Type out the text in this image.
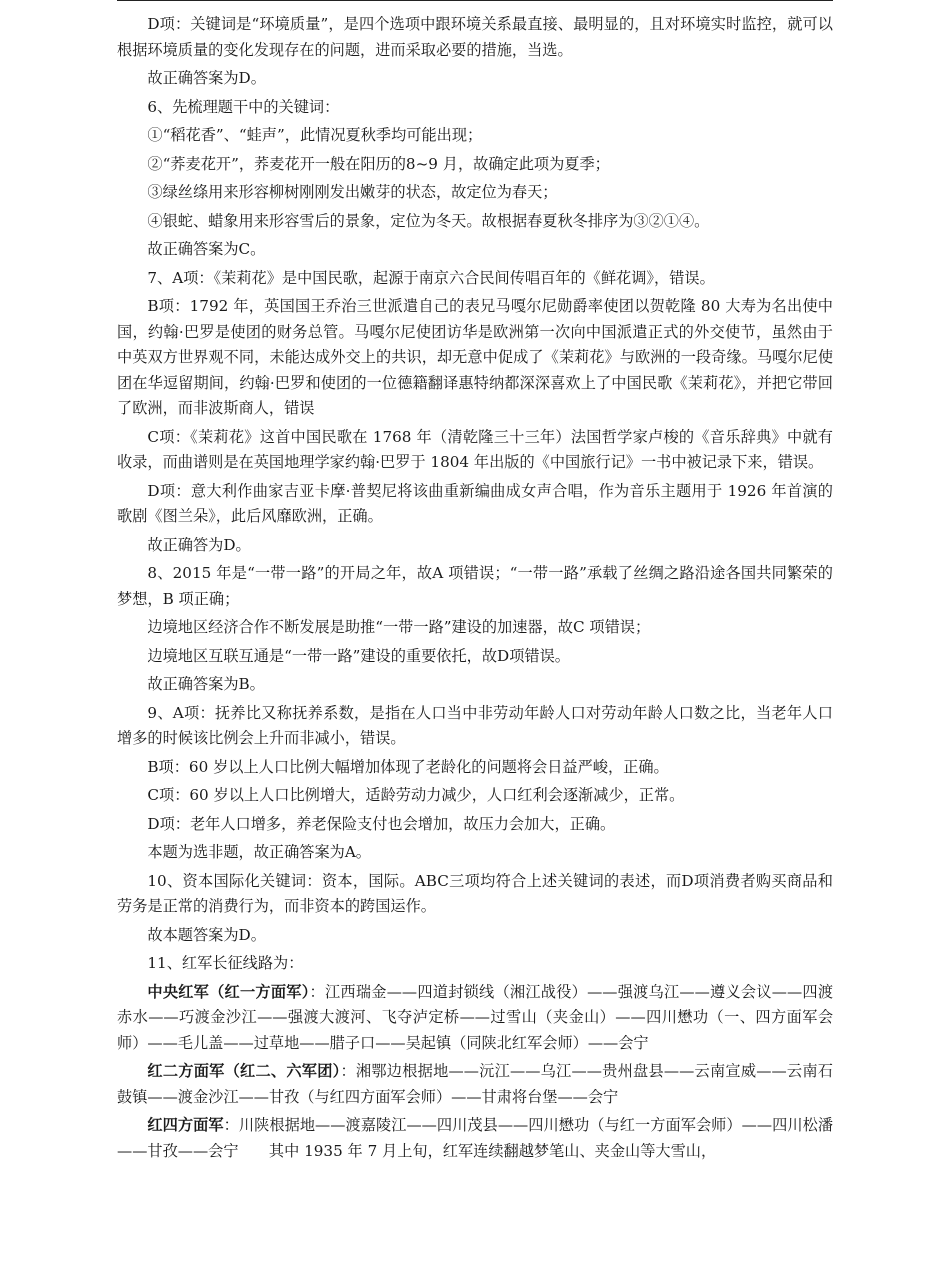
D项：关键词是“环境质量”，是四个选项中跟环境关系最直接、最明显的，且对环境实时监控，就可以根据环境质量的变化发现存在的问题，进而采取必要的措施，当选。

故正确答案为D。

6、先梳理题干中的关键词：

①“稻花香”、“蛙声”，此情况夏秋季均可能出现；

②“荞麦花开”，荞麦花开一般在阳历的8~9 月，故确定此项为夏季；

③绿丝绦用来形容柳树刚刚发出嫩芽的状态，故定位为春天；

④银蛇、蜡象用来形容雪后的景象，定位为冬天。故根据春夏秋冬排序为③②①④。

故正确答案为C。

7、A项：《茉莉花》是中国民歌，起源于南京六合民间传唱百年的《鲜花调》，错误。

B项：1792 年，英国国王乔治三世派遣自己的表兄马嘎尔尼勋爵率使团以贺乾隆 80 大寿为名出使中国，约翰·巴罗是使团的财务总管。马嘎尔尼使团访华是欧洲第一次向中国派遣正式的外交使节，虽然由于中英双方世界观不同，未能达成外交上的共识，却无意中促成了《茉莉花》与欧洲的一段奇缘。马嘎尔尼使团在华逗留期间，约翰·巴罗和使团的一位德籍翻译惠特纳都深深喜欢上了中国民歌《茉莉花》，并把它带回了欧洲，而非波斯商人，错误

C项：《茉莉花》这首中国民歌在 1768 年（清乾隆三十三年）法国哲学家卢梭的《音乐辞典》中就有收录，而曲谱则是在英国地理学家约翰·巴罗于 1804 年出版的《中国旅行记》一书中被记录下来，错误。

D项：意大利作曲家吉亚卡摩·普契尼将该曲重新编曲成女声合唱，作为音乐主题用于 1926 年首演的歌剧《图兰朵》，此后风靡欧洲，正确。

故正确答为D。

8、2015 年是“一带一路”的开局之年，故A 项错误；“一带一路”承载了丝绸之路沿途各国共同繁荣的梦想，B 项正确；

边境地区经济合作不断发展是助推“一带一路”建设的加速器，故C 项错误；

边境地区互联互通是“一带一路”建设的重要依托，故D项错误。

故正确答案为B。

9、A项：抚养比又称抚养系数，是指在人口当中非劳动年龄人口对劳动年龄人口数之比，当老年人口增多的时候该比例会上升而非减小，错误。

B项：60 岁以上人口比例大幅增加体现了老龄化的问题将会日益严峻，正确。

C项：60 岁以上人口比例增大，适龄劳动力减少，人口红利会逐渐减少，正常。

D项：老年人口增多，养老保险支付也会增加，故压力会加大，正确。

本题为选非题，故正确答案为A。

10、资本国际化关键词：资本，国际。ABC三项均符合上述关键词的表述，而D项消费者购买商品和劳务是正常的消费行为，而非资本的跨国运作。

故本题答案为D。

11、红军长征线路为：

中央红军（红一方面军）：江西瑞金——四道封锁线（湘江战役）——强渡乌江——遵义会议——四渡赤水——巧渡金沙江——强渡大渡河、飞夺泸定桥——过雪山（夹金山）——四川懋功（一、四方面军会师）——毛儿盖——过草地——腊子口——吴起镇（同陕北红军会师）——会宁

红二方面军（红二、六军团）：湘鄂边根据地——沅江——乌江——贵州盘县——云南宣威——云南石鼓镇——渡金沙江——甘孜（与红四方面军会师）——甘肃将台堡——会宁

红四方面军：川陕根据地——渡嘉陵江——四川茂县——四川懋功（与红一方面军会师）——四川松潘——甘孜——会宁　　其中 1935 年 7 月上旬，红军连续翻越梦笔山、夹金山等大雪山，
